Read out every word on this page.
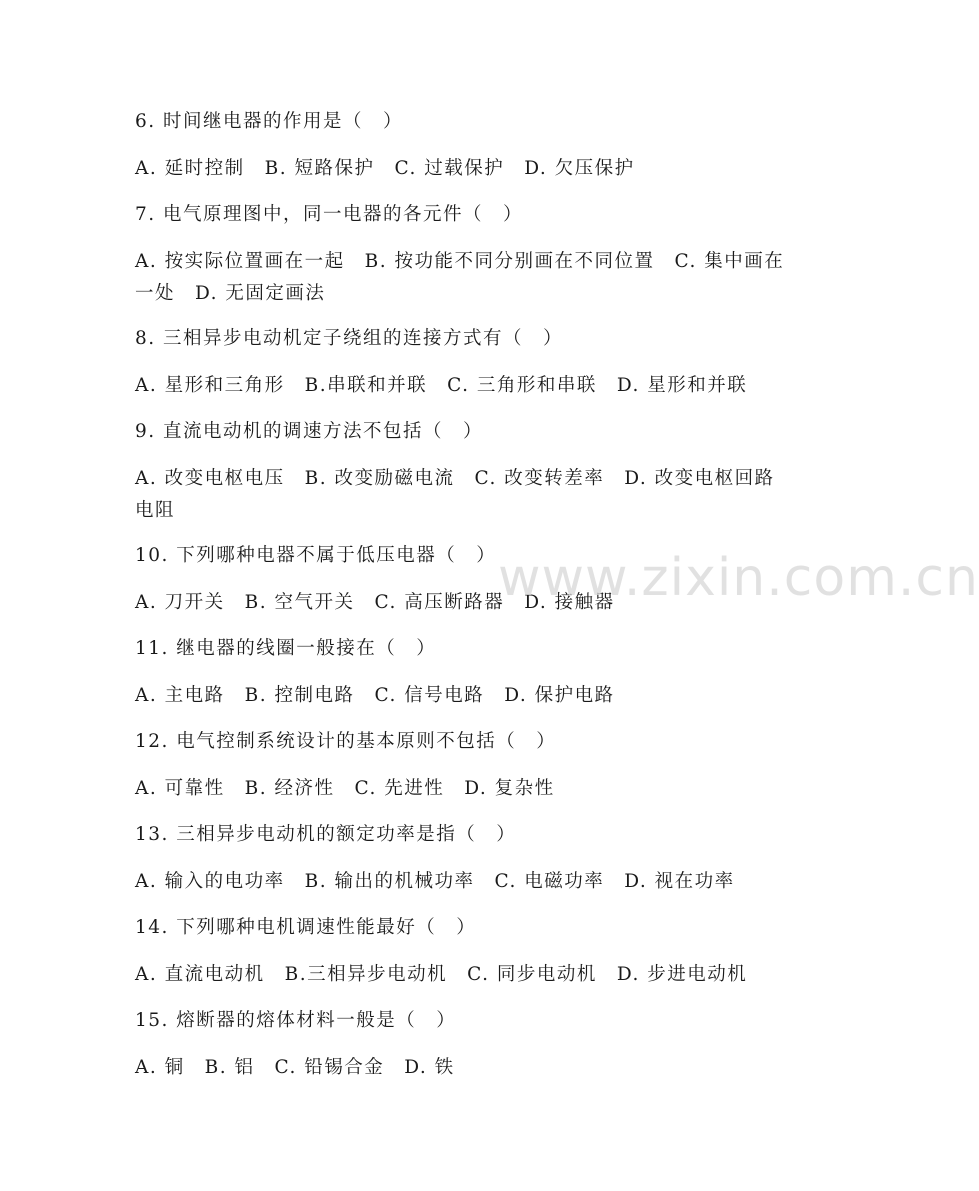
6. 时间继电器的作用是（　）
A. 延时控制　B. 短路保护　C. 过载保护　D. 欠压保护
7. 电气原理图中，同一电器的各元件（　）
A. 按实际位置画在一起　B. 按功能不同分别画在不同位置　C. 集中画在一处　D. 无固定画法
8. 三相异步电动机定子绕组的连接方式有（　）
A. 星形和三角形　B.串联和并联　C. 三角形和串联　D. 星形和并联
9. 直流电动机的调速方法不包括（　）
A. 改变电枢电压　B. 改变励磁电流　C. 改变转差率　D. 改变电枢回路电阻
10. 下列哪种电器不属于低压电器（　）
A. 刀开关　B. 空气开关　C. 高压断路器　D. 接触器
11. 继电器的线圈一般接在（　）
A. 主电路　B. 控制电路　C. 信号电路　D. 保护电路
12. 电气控制系统设计的基本原则不包括（　）
A. 可靠性　B. 经济性　C. 先进性　D. 复杂性
13. 三相异步电动机的额定功率是指（　）
A. 输入的电功率　B. 输出的机械功率　C. 电磁功率　D. 视在功率
14. 下列哪种电机调速性能最好（　）
A. 直流电动机　B.三相异步电动机　C. 同步电动机　D. 步进电动机
15. 熔断器的熔体材料一般是（　）
A. 铜　B. 铝　C. 铅锡合金　D. 铁
www.zixin.com.cn
